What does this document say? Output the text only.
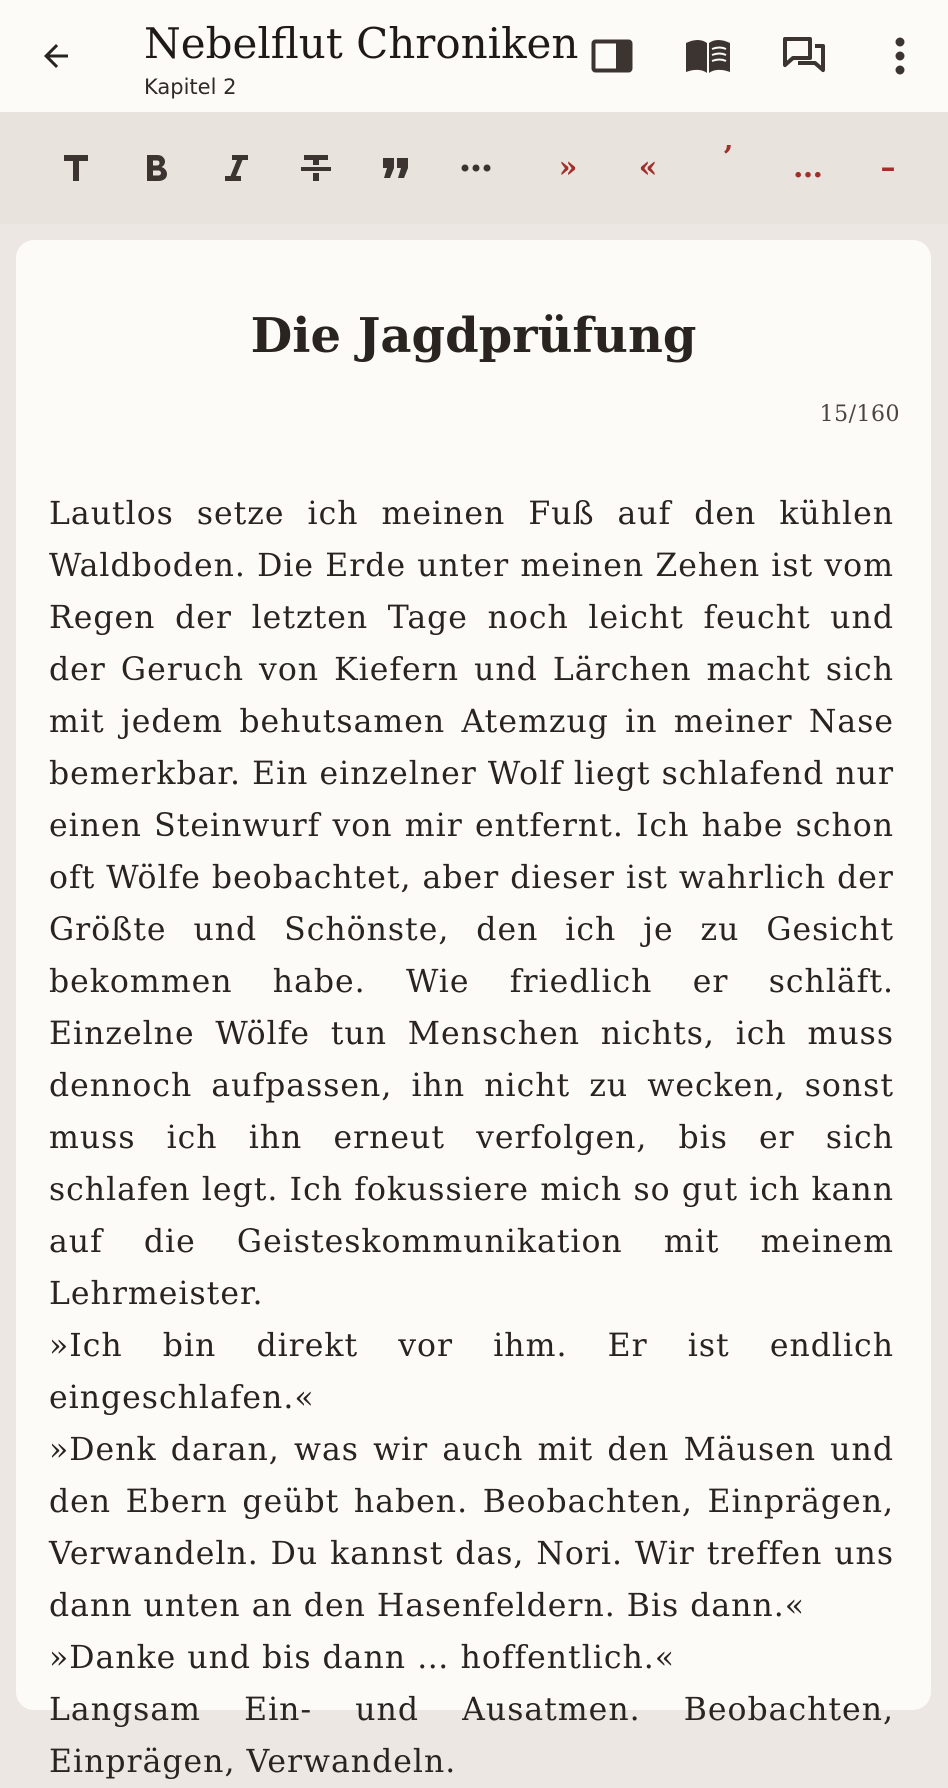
Nebelflut Chroniken
Kapitel 2
» « ’ … –
Die Jagdprüfung
15/160

Lautlos setze ich meinen Fuß auf den kühlen Waldboden. Die Erde unter meinen Zehen ist vom Regen der letzten Tage noch leicht feucht und der Geruch von Kiefern und Lärchen macht sich mit jedem behutsamen Atemzug in meiner Nase bemerkbar. Ein einzelner Wolf liegt schlafend nur einen Steinwurf von mir entfernt. Ich habe schon oft Wölfe beobachtet, aber dieser ist wahrlich der Größte und Schönste, den ich je zu Gesicht bekommen habe. Wie friedlich er schläft. Einzelne Wölfe tun Menschen nichts, ich muss dennoch aufpassen, ihn nicht zu wecken, sonst muss ich ihn erneut verfolgen, bis er sich schlafen legt. Ich fokussiere mich so gut ich kann auf die Geisteskommunikation mit meinem Lehrmeister.

»Ich bin direkt vor ihm. Er ist endlich eingeschlafen.«

»Denk daran, was wir auch mit den Mäusen und den Ebern geübt haben. Beobachten, Einprägen, Verwandeln. Du kannst das, Nori. Wir treffen uns dann unten an den Hasenfeldern. Bis dann.«

»Danke und bis dann … hoffentlich.«

Langsam Ein- und Ausatmen. Beobachten, Einprägen, Verwandeln.
